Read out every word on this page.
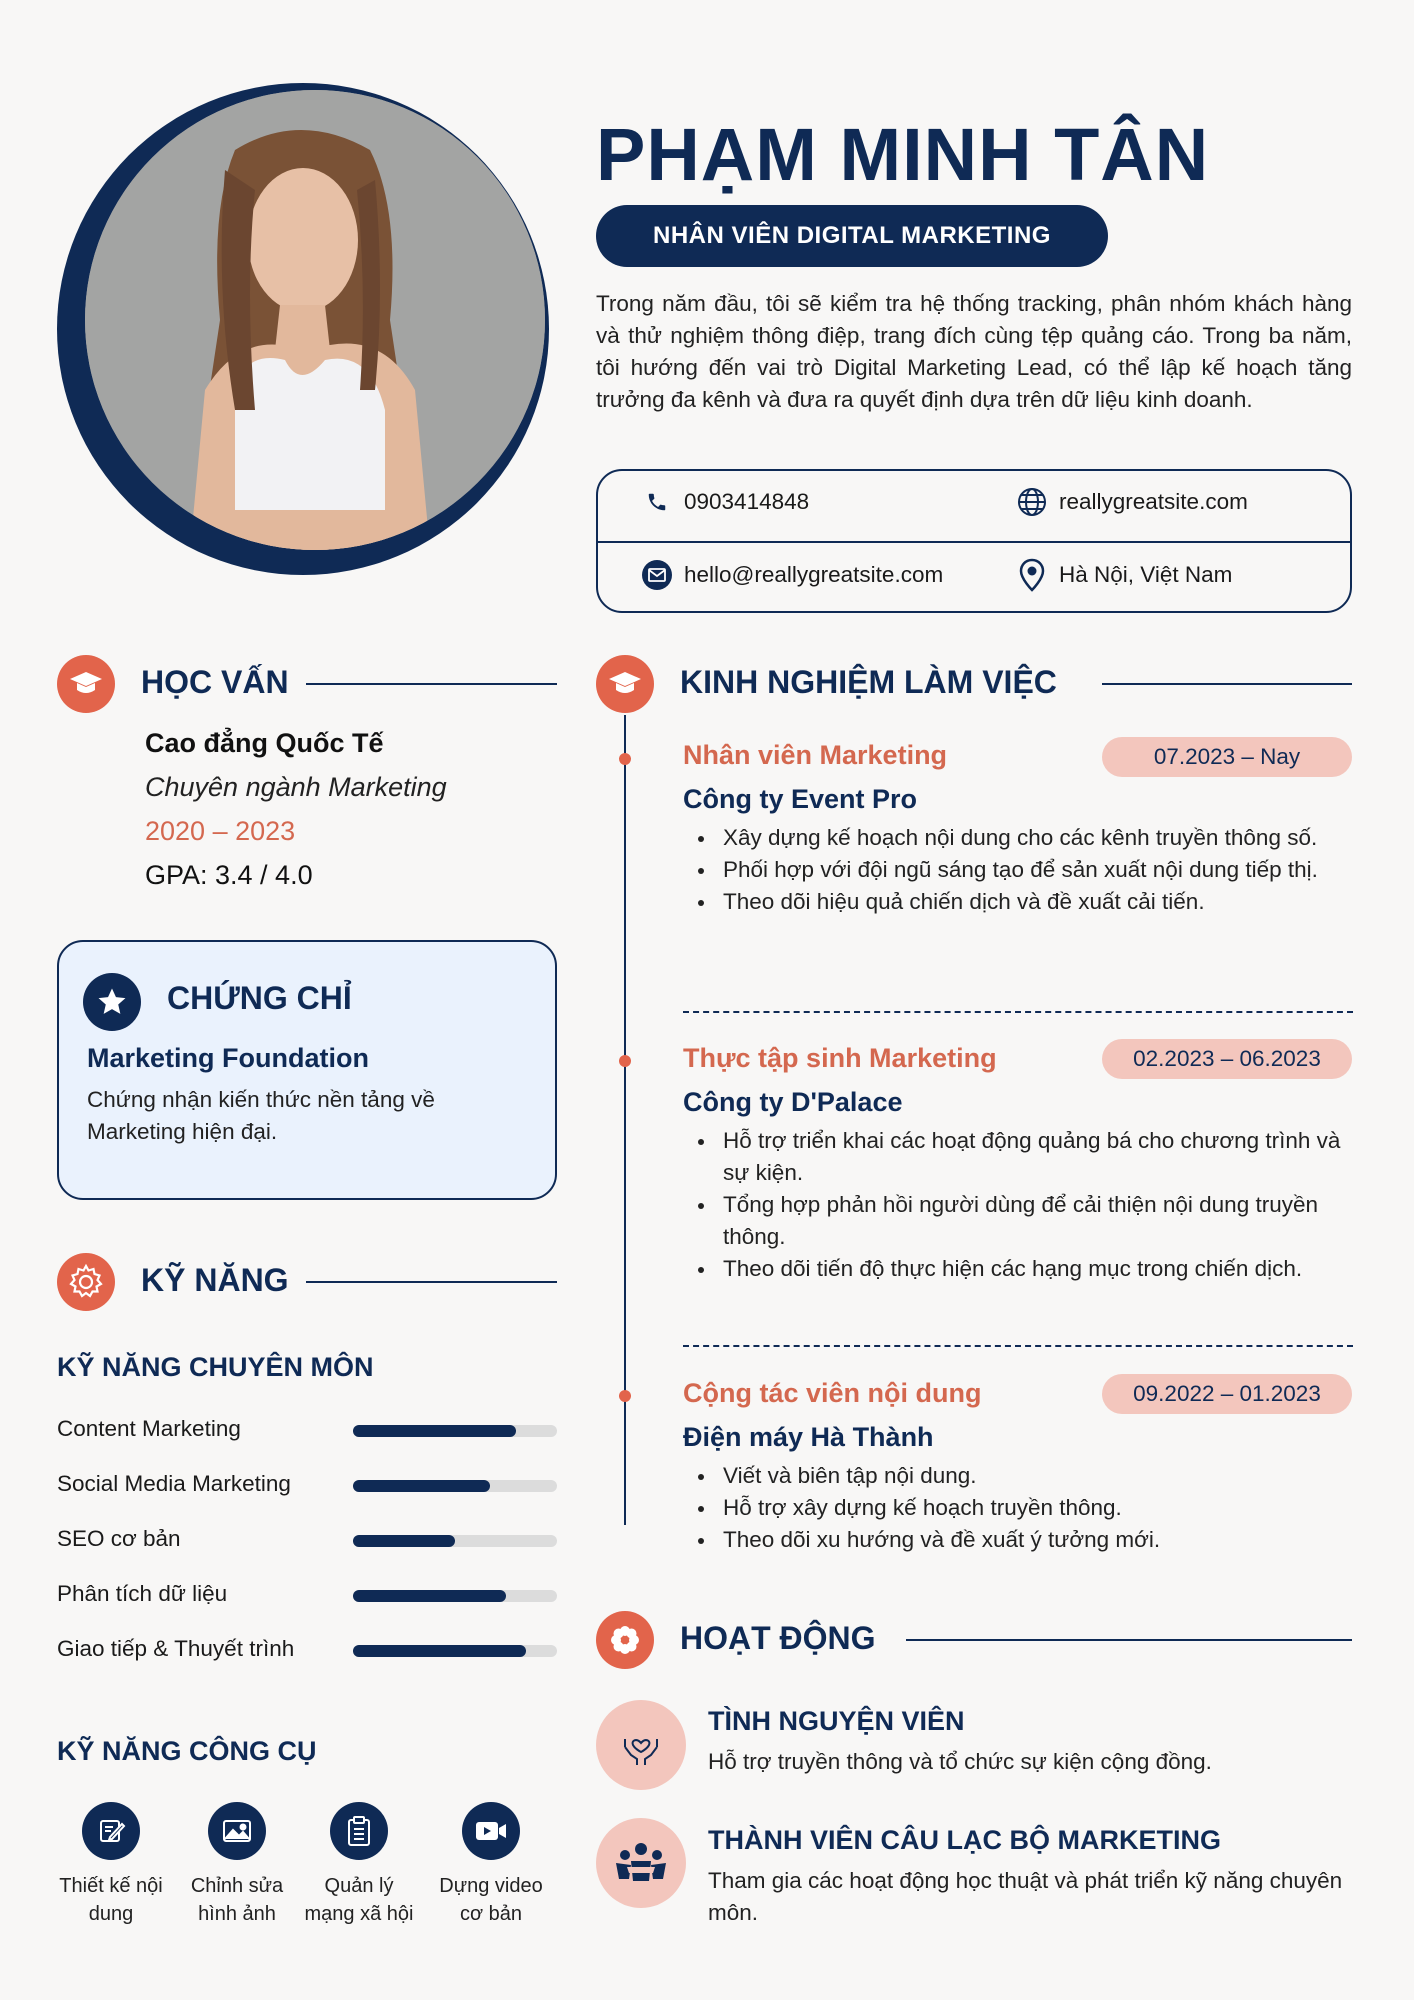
PHẠM MINH TÂN
NHÂN VIÊN DIGITAL MARKETING
Trong năm đầu, tôi sẽ kiểm tra hệ thống tracking, phân nhóm khách hàng và thử nghiệm thông điệp, trang đích cùng tệp quảng cáo. Trong ba năm, tôi hướng đến vai trò Digital Marketing Lead, có thể lập kế hoạch tăng trưởng đa kênh và đưa ra quyết định dựa trên dữ liệu kinh doanh.
0903414848	reallygreatsite.com
hello@reallygreatsite.com	Hà Nội, Việt Nam
HỌC VẤN
Cao đẳng Quốc Tế
Chuyên ngành Marketing
2020 – 2023
GPA: 3.4 / 4.0
CHỨNG CHỈ
Marketing Foundation
Chứng nhận kiến thức nền tảng về Marketing hiện đại.
KỸ NĂNG
KỸ NĂNG CHUYÊN MÔN
Content Marketing
Social Media Marketing
SEO cơ bản
Phân tích dữ liệu
Giao tiếp & Thuyết trình
KỸ NĂNG CÔNG CỤ
Thiết kế nội
dung
Chỉnh sửa
hình ảnh
Quản lý
mạng xã hội
Dựng video
cơ bản
KINH NGHIỆM LÀM VIỆC
Nhân viên Marketing	07.2023 – Nay
Công ty Event Pro
Xây dựng kế hoạch nội dung cho các kênh truyền thông số.
Phối hợp với đội ngũ sáng tạo để sản xuất nội dung tiếp thị.
Theo dõi hiệu quả chiến dịch và đề xuất cải tiến.
Thực tập sinh Marketing	02.2023 – 06.2023
Công ty D'Palace
Hỗ trợ triển khai các hoạt động quảng bá cho chương trình và sự kiện.
Tổng hợp phản hồi người dùng để cải thiện nội dung truyền thông.
Theo dõi tiến độ thực hiện các hạng mục trong chiến dịch.
Cộng tác viên nội dung	09.2022 – 01.2023
Điện máy Hà Thành
Viết và biên tập nội dung.
Hỗ trợ xây dựng kế hoạch truyền thông.
Theo dõi xu hướng và đề xuất ý tưởng mới.
HOẠT ĐỘNG
TÌNH NGUYỆN VIÊN
Hỗ trợ truyền thông và tổ chức sự kiện cộng đồng.
THÀNH VIÊN CÂU LẠC BỘ MARKETING
Tham gia các hoạt động học thuật và phát triển kỹ năng chuyên môn.
